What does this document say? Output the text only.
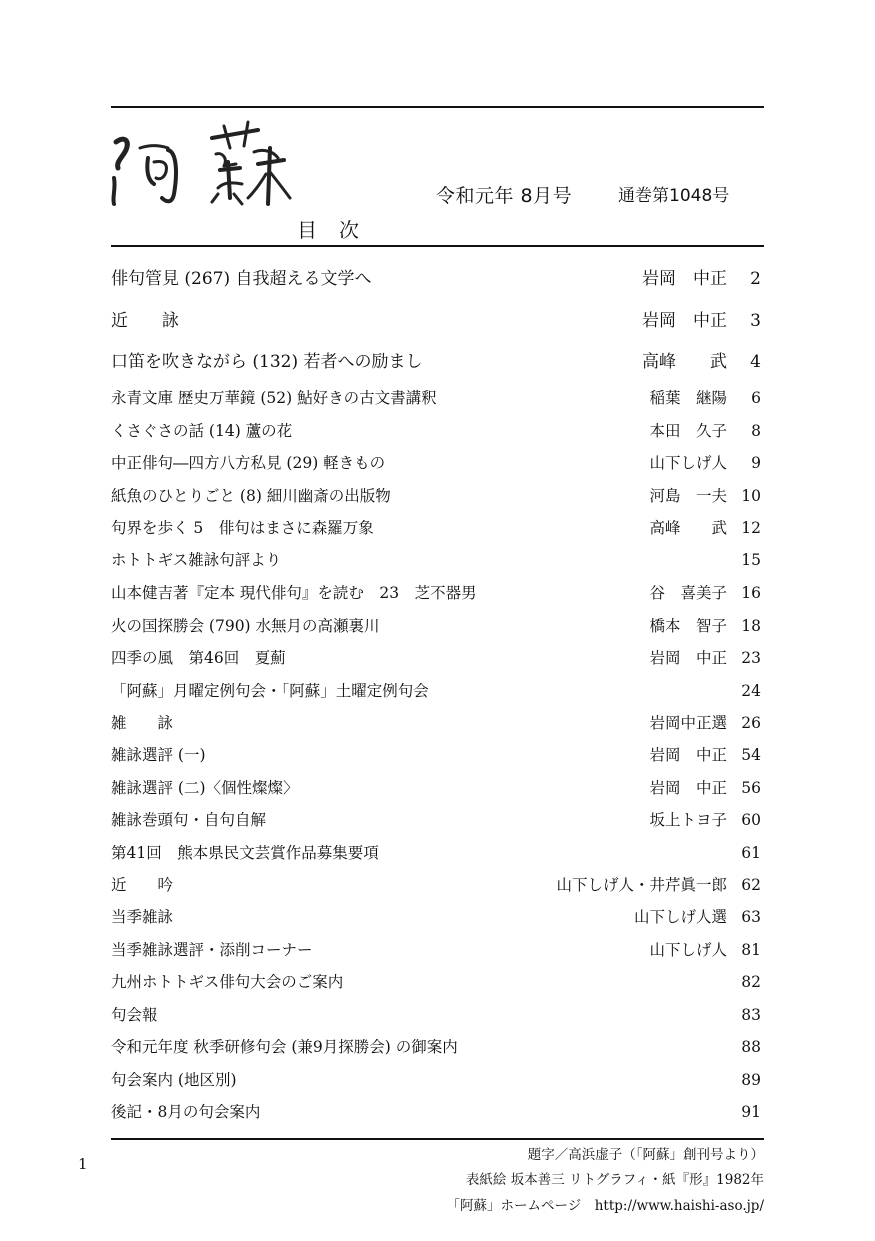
令和元年 8月号	通巻第1048号
目次
俳句管見 (267) 自我超える文学へ	岩岡　中正	2
近　　詠	岩岡　中正	3
口笛を吹きながら (132) 若者への励まし	高峰　　武	4
永青文庫 歴史万華鏡 (52) 鮎好きの古文書講釈	稲葉　継陽	6
くさぐさの話 (14) 蘆の花	本田　久子	8
中正俳句―四方八方私見 (29) 軽きもの	山下しげ人	9
紙魚のひとりごと (8) 細川幽斎の出版物	河島　一夫 10
句界を歩く 5　俳句はまさに森羅万象	高峰　　武 12
ホトトギス雑詠句評より	15
山本健吉著『定本 現代俳句』を読む　23　芝不器男	谷　喜美子 16
火の国探勝会 (790) 水無月の高瀬裏川	橋本　智子 18
四季の風　第46回　夏薊	岩岡　中正 23
「阿蘇」月曜定例句会・「阿蘇」土曜定例句会	24
雑　　詠	岩岡中正選 26
雑詠選評 (一)	岩岡　中正 54
雑詠選評 (二)〈個性燦燦〉	岩岡　中正 56
雑詠巻頭句・自句自解	坂上トヨ子 60
第41回　熊本県民文芸賞作品募集要項	61
近　　吟	山下しげ人・井芹眞一郎 62
当季雑詠	山下しげ人選 63
当季雑詠選評・添削コーナー	山下しげ人 81
九州ホトトギス俳句大会のご案内	82
句会報	83
令和元年度 秋季研修句会 (兼9月探勝会) の御案内	88
句会案内 (地区別)	89
後記・8月の句会案内	91
1	題字／高浜虚子（「阿蘇」創刊号より）
表紙絵 坂本善三 リトグラフィ・紙『形』1982年
「阿蘇」ホームページ　http://www.haishi-aso.jp/
